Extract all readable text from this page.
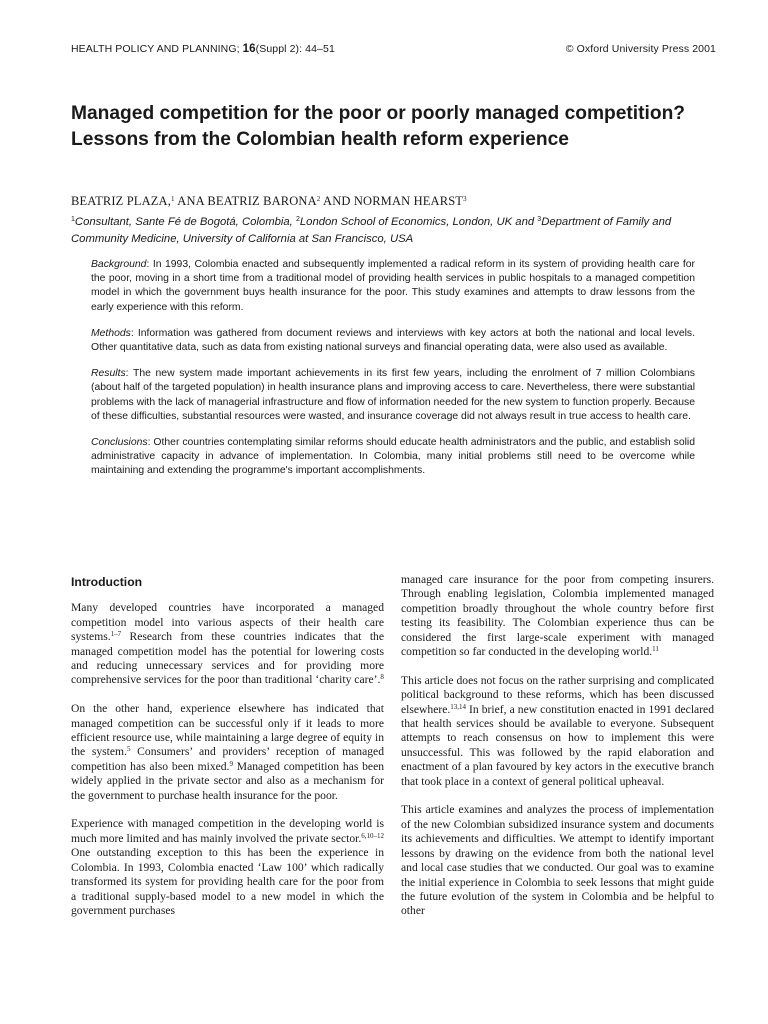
HEALTH POLICY AND PLANNING; 16(Suppl 2): 44–51	© Oxford University Press 2001
Managed competition for the poor or poorly managed competition? Lessons from the Colombian health reform experience
BEATRIZ PLAZA,$^1$ ANA BEATRIZ BARONA$^2$ AND NORMAN HEARST$^3$
$^1$Consultant, Sante Fé de Bogotá, Colombia, $^2$London School of Economics, London, UK and $^3$Department of Family and Community Medicine, University of California at San Francisco, USA

Background: In 1993, Colombia enacted and subsequently implemented a radical reform in its system of providing health care for the poor, moving in a short time from a traditional model of providing health services in public hospitals to a managed competition model in which the government buys health insurance for the poor. This study examines and attempts to draw lessons from the early experience with this reform.

Methods: Information was gathered from document reviews and interviews with key actors at both the national and local levels. Other quantitative data, such as data from existing national surveys and financial operating data, were also used as available.

Results: The new system made important achievements in its first few years, including the enrolment of 7 million Colombians (about half of the targeted population) in health insurance plans and improving access to care. Nevertheless, there were substantial problems with the lack of managerial infrastructure and flow of information needed for the new system to function properly. Because of these difficulties, substantial resources were wasted, and insurance coverage did not always result in true access to health care.

Conclusions: Other countries contemplating similar reforms should educate health administrators and the public, and establish solid administrative capacity in advance of implementation. In Colombia, many initial problems still need to be overcome while maintaining and extending the programme's important accomplishments.

Introduction

Many developed countries have incorporated a managed competition model into various aspects of their health care systems.$^{1-7}$ Research from these countries indicates that the managed competition model has the potential for lowering costs and reducing unnecessary services and for providing more comprehensive services for the poor than traditional ‘charity care’.$^8$

On the other hand, experience elsewhere has indicated that managed competition can be successful only if it leads to more efficient resource use, while maintaining a large degree of equity in the system.$^5$ Consumers’ and providers’ reception of managed competition has also been mixed.$^9$ Managed competition has been widely applied in the private sector and also as a mechanism for the government to purchase health insurance for the poor.

Experience with managed competition in the developing world is much more limited and has mainly involved the private sector.$^{6,10-12}$ One outstanding exception to this has been the experience in Colombia. In 1993, Colombia enacted ‘Law 100’ which radically transformed its system for providing health care for the poor from a traditional supply-based model to a new model in which the government purchases

managed care insurance for the poor from competing insurers. Through enabling legislation, Colombia implemented managed competition broadly throughout the whole country before first testing its feasibility. The Colombian experience thus can be considered the first large-scale experiment with managed competition so far conducted in the developing world.$^{11}$

This article does not focus on the rather surprising and complicated political background to these reforms, which has been discussed elsewhere.$^{13,14}$ In brief, a new constitution enacted in 1991 declared that health services should be available to everyone. Subsequent attempts to reach consensus on how to implement this were unsuccessful. This was followed by the rapid elaboration and enactment of a plan favoured by key actors in the executive branch that took place in a context of general political upheaval.

This article examines and analyzes the process of implementation of the new Colombian subsidized insurance system and documents its achievements and difficulties. We attempt to identify important lessons by drawing on the evidence from both the national level and local case studies that we conducted. Our goal was to examine the initial experience in Colombia to seek lessons that might guide the future evolution of the system in Colombia and be helpful to other
